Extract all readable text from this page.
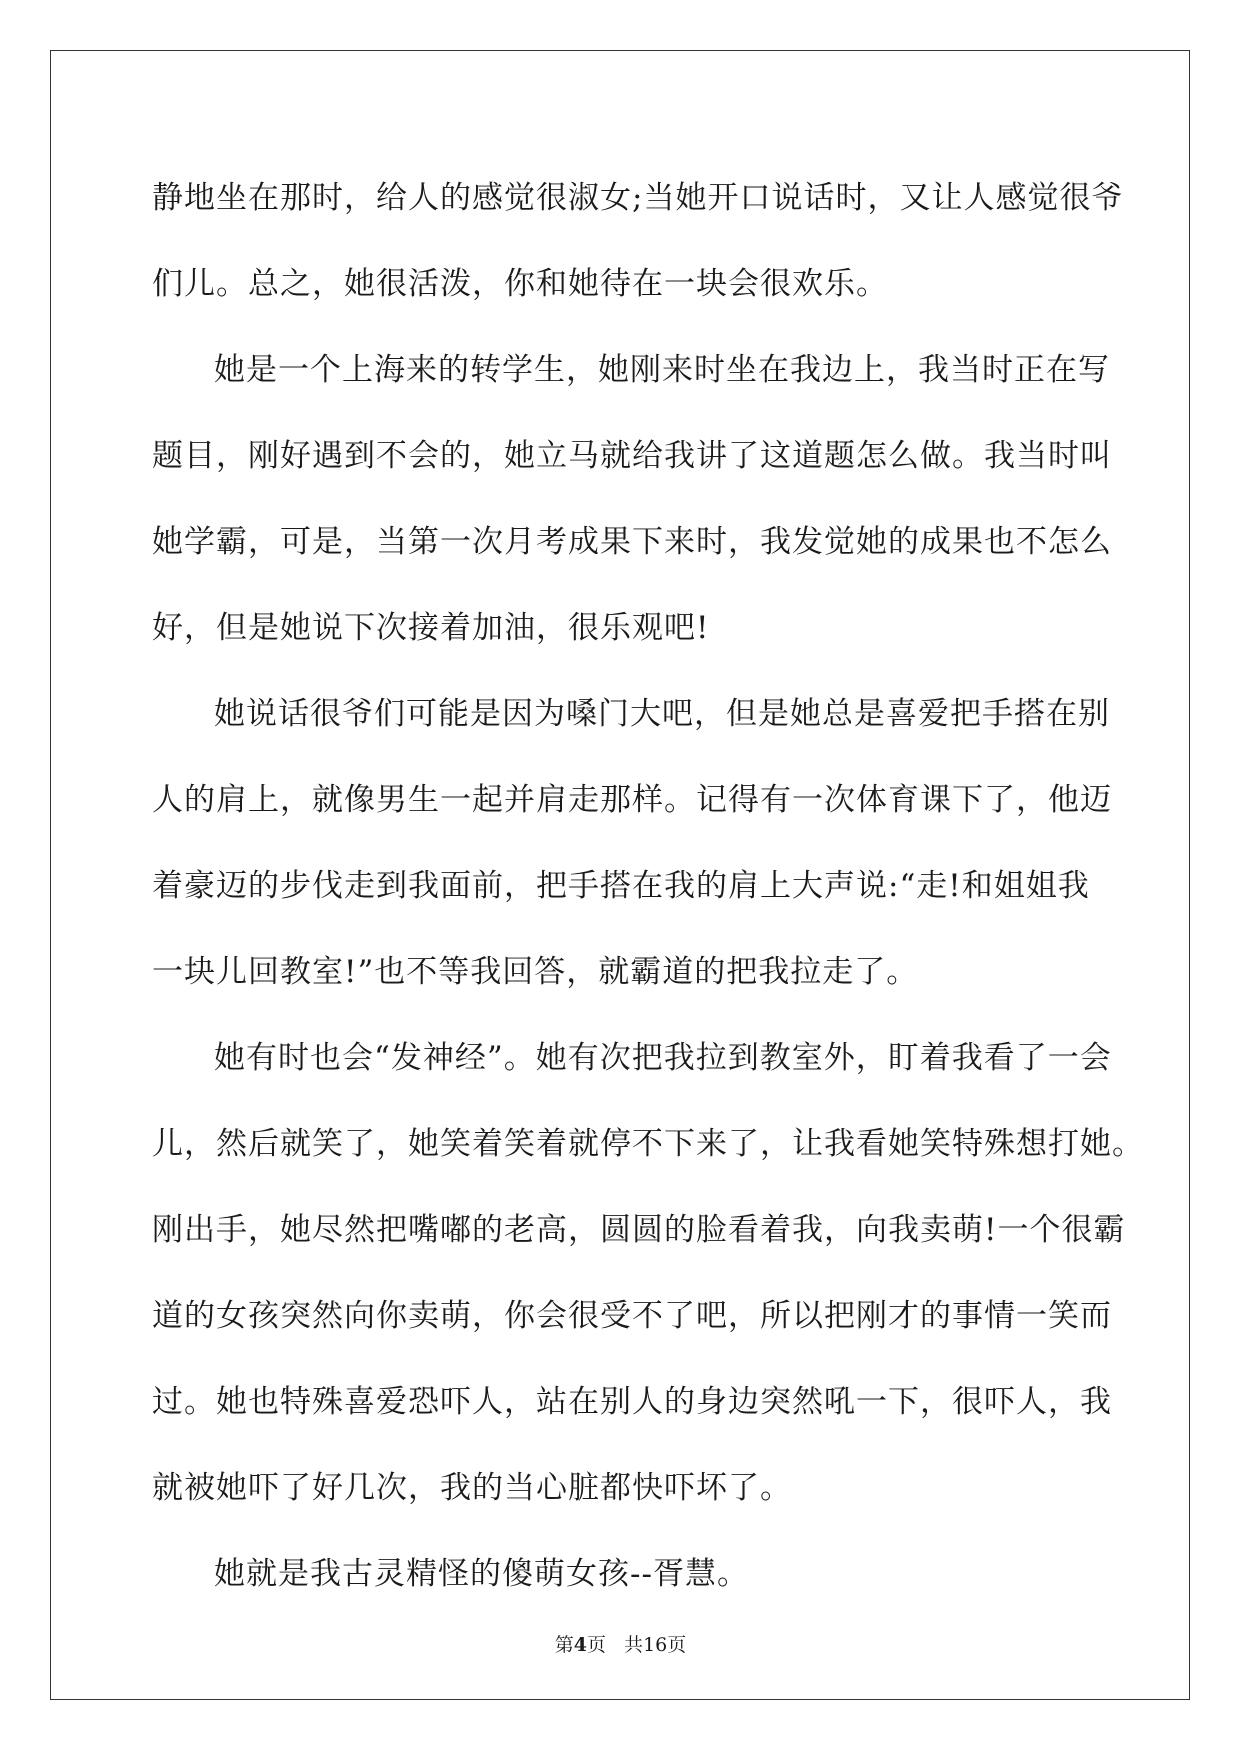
静地坐在那时，给人的感觉很淑女;当她开口说话时，又让人感觉很爷
们儿。总之，她很活泼，你和她待在一块会很欢乐。
她是一个上海来的转学生，她刚来时坐在我边上，我当时正在写
题目，刚好遇到不会的，她立马就给我讲了这道题怎么做。我当时叫
她学霸，可是，当第一次月考成果下来时，我发觉她的成果也不怎么
好，但是她说下次接着加油，很乐观吧!
她说话很爷们可能是因为嗓门大吧，但是她总是喜爱把手搭在别
人的肩上，就像男生一起并肩走那样。记得有一次体育课下了，他迈
着豪迈的步伐走到我面前，把手搭在我的肩上大声说:“走!和姐姐我
一块儿回教室!”也不等我回答，就霸道的把我拉走了。
她有时也会“发神经”。她有次把我拉到教室外，盯着我看了一会
儿，然后就笑了，她笑着笑着就停不下来了，让我看她笑特殊想打她。
刚出手，她尽然把嘴嘟的老高，圆圆的脸看着我，向我卖萌!一个很霸
道的女孩突然向你卖萌，你会很受不了吧，所以把刚才的事情一笑而
过。她也特殊喜爱恐吓人，站在别人的身边突然吼一下，很吓人，我
就被她吓了好几次，我的当心脏都快吓坏了。
她就是我古灵精怪的傻萌女孩--胥慧。
第4页 共16页
